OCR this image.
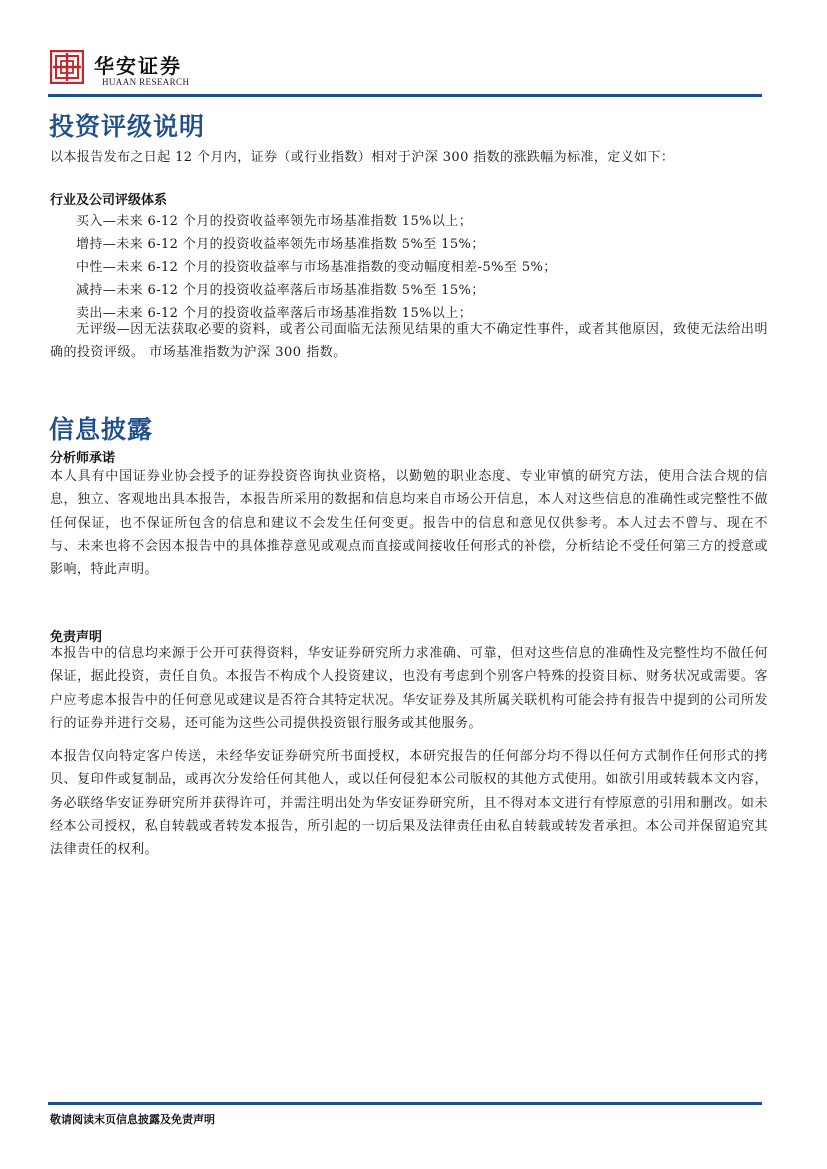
华安证券
HUAAN RESEARCH
投资评级说明

以本报告发布之日起 12 个月内，证券（或行业指数）相对于沪深 300 指数的涨跌幅为标准，定义如下：

行业及公司评级体系

买入—未来 6-12 个月的投资收益率领先市场基准指数 15%以上；

增持—未来 6-12 个月的投资收益率领先市场基准指数 5%至 15%；

中性—未来 6-12 个月的投资收益率与市场基准指数的变动幅度相差-5%至 5%；

减持—未来 6-12 个月的投资收益率落后市场基准指数 5%至 15%；

卖出—未来 6-12 个月的投资收益率落后市场基准指数 15%以上；

无评级—因无法获取必要的资料，或者公司面临无法预见结果的重大不确定性事件，或者其他原因，致使无法给出明确的投资评级。 市场基准指数为沪深 300 指数。

信息披露
分析师承诺

本人具有中国证券业协会授予的证券投资咨询执业资格，以勤勉的职业态度、专业审慎的研究方法，使用合法合规的信息，独立、客观地出具本报告，本报告所采用的数据和信息均来自市场公开信息，本人对这些信息的准确性或完整性不做任何保证，也不保证所包含的信息和建议不会发生任何变更。报告中的信息和意见仅供参考。本人过去不曾与、现在不与、未来也将不会因本报告中的具体推荐意见或观点而直接或间接收任何形式的补偿，分析结论不受任何第三方的授意或影响，特此声明。

免责声明

本报告中的信息均来源于公开可获得资料，华安证券研究所力求准确、可靠，但对这些信息的准确性及完整性均不做任何保证，据此投资，责任自负。本报告不构成个人投资建议，也没有考虑到个别客户特殊的投资目标、财务状况或需要。客户应考虑本报告中的任何意见或建议是否符合其特定状况。华安证券及其所属关联机构可能会持有报告中提到的公司所发行的证券并进行交易，还可能为这些公司提供投资银行服务或其他服务。

本报告仅向特定客户传送，未经华安证券研究所书面授权，本研究报告的任何部分均不得以任何方式制作任何形式的拷贝、复印件或复制品，或再次分发给任何其他人，或以任何侵犯本公司版权的其他方式使用。如欲引用或转载本文内容，务必联络华安证券研究所并获得许可，并需注明出处为华安证券研究所，且不得对本文进行有悖原意的引用和删改。如未经本公司授权，私自转载或者转发本报告，所引起的一切后果及法律责任由私自转载或转发者承担。本公司并保留追究其法律责任的权利。

敬请阅读末页信息披露及免责声明
